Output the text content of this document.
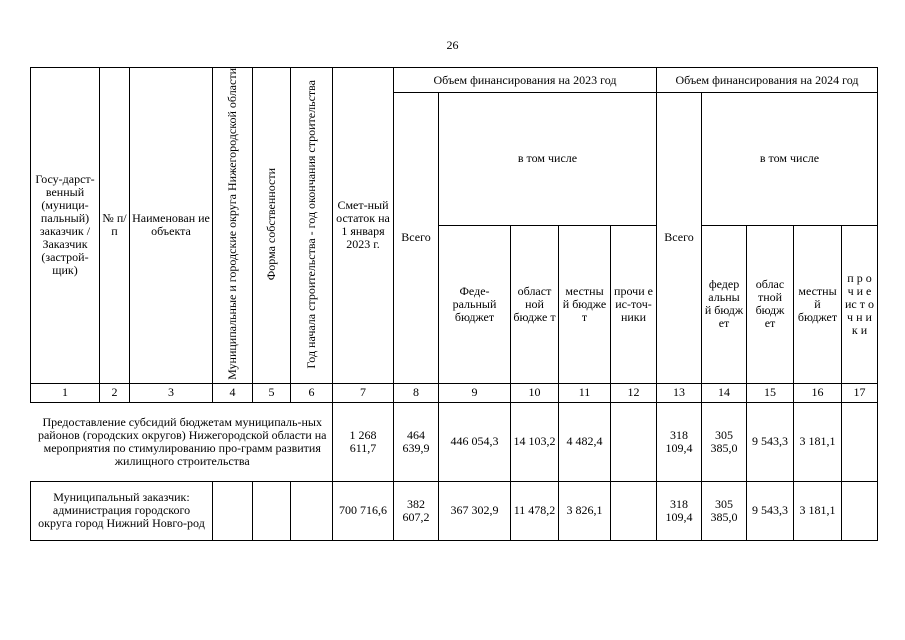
26
Госу-дарст-венный (муници-пальный) заказчик / Заказчик (застрой-щик)	№ п/п	Наименован ие объекта	Муниципальные и городские округа Нижегородской области	Форма собственности	Год начала строительства - год окончания строительства	Смет-ный остаток на 1 января 2023 г.	Объем финансирования на 2023 год					Объем финансирования на 2024 год				
							Всего	в том числе				Всего	в том числе			
								Феде-ральный бюджет	област ной бюдже т	местны й бюдже т	прочи е ис-точ-ники		федер альны й бюдж ет	облас тной бюдж ет	местный бюджет	п р о ч и е ис т о ч н и к и
1	2	3	4	5	6	7	8	9	10	11	12	13	14	15	16	17
Предоставление субсидий бюджетам муниципаль-ных районов (городских округов) Нижегородской области на мероприятия по стимулированию про-грамм развития жилищного строительства						1 268 611,7	464 639,9	446 054,3	14 103,2	4 482,4		318 109,4	305 385,0	9 543,3	3 181,1	
Муниципальный заказчик: администрация городского округа город Нижний Новго-род						700 716,6	382 607,2	367 302,9	11 478,2	3 826,1		318 109,4	305 385,0	9 543,3	3 181,1	
